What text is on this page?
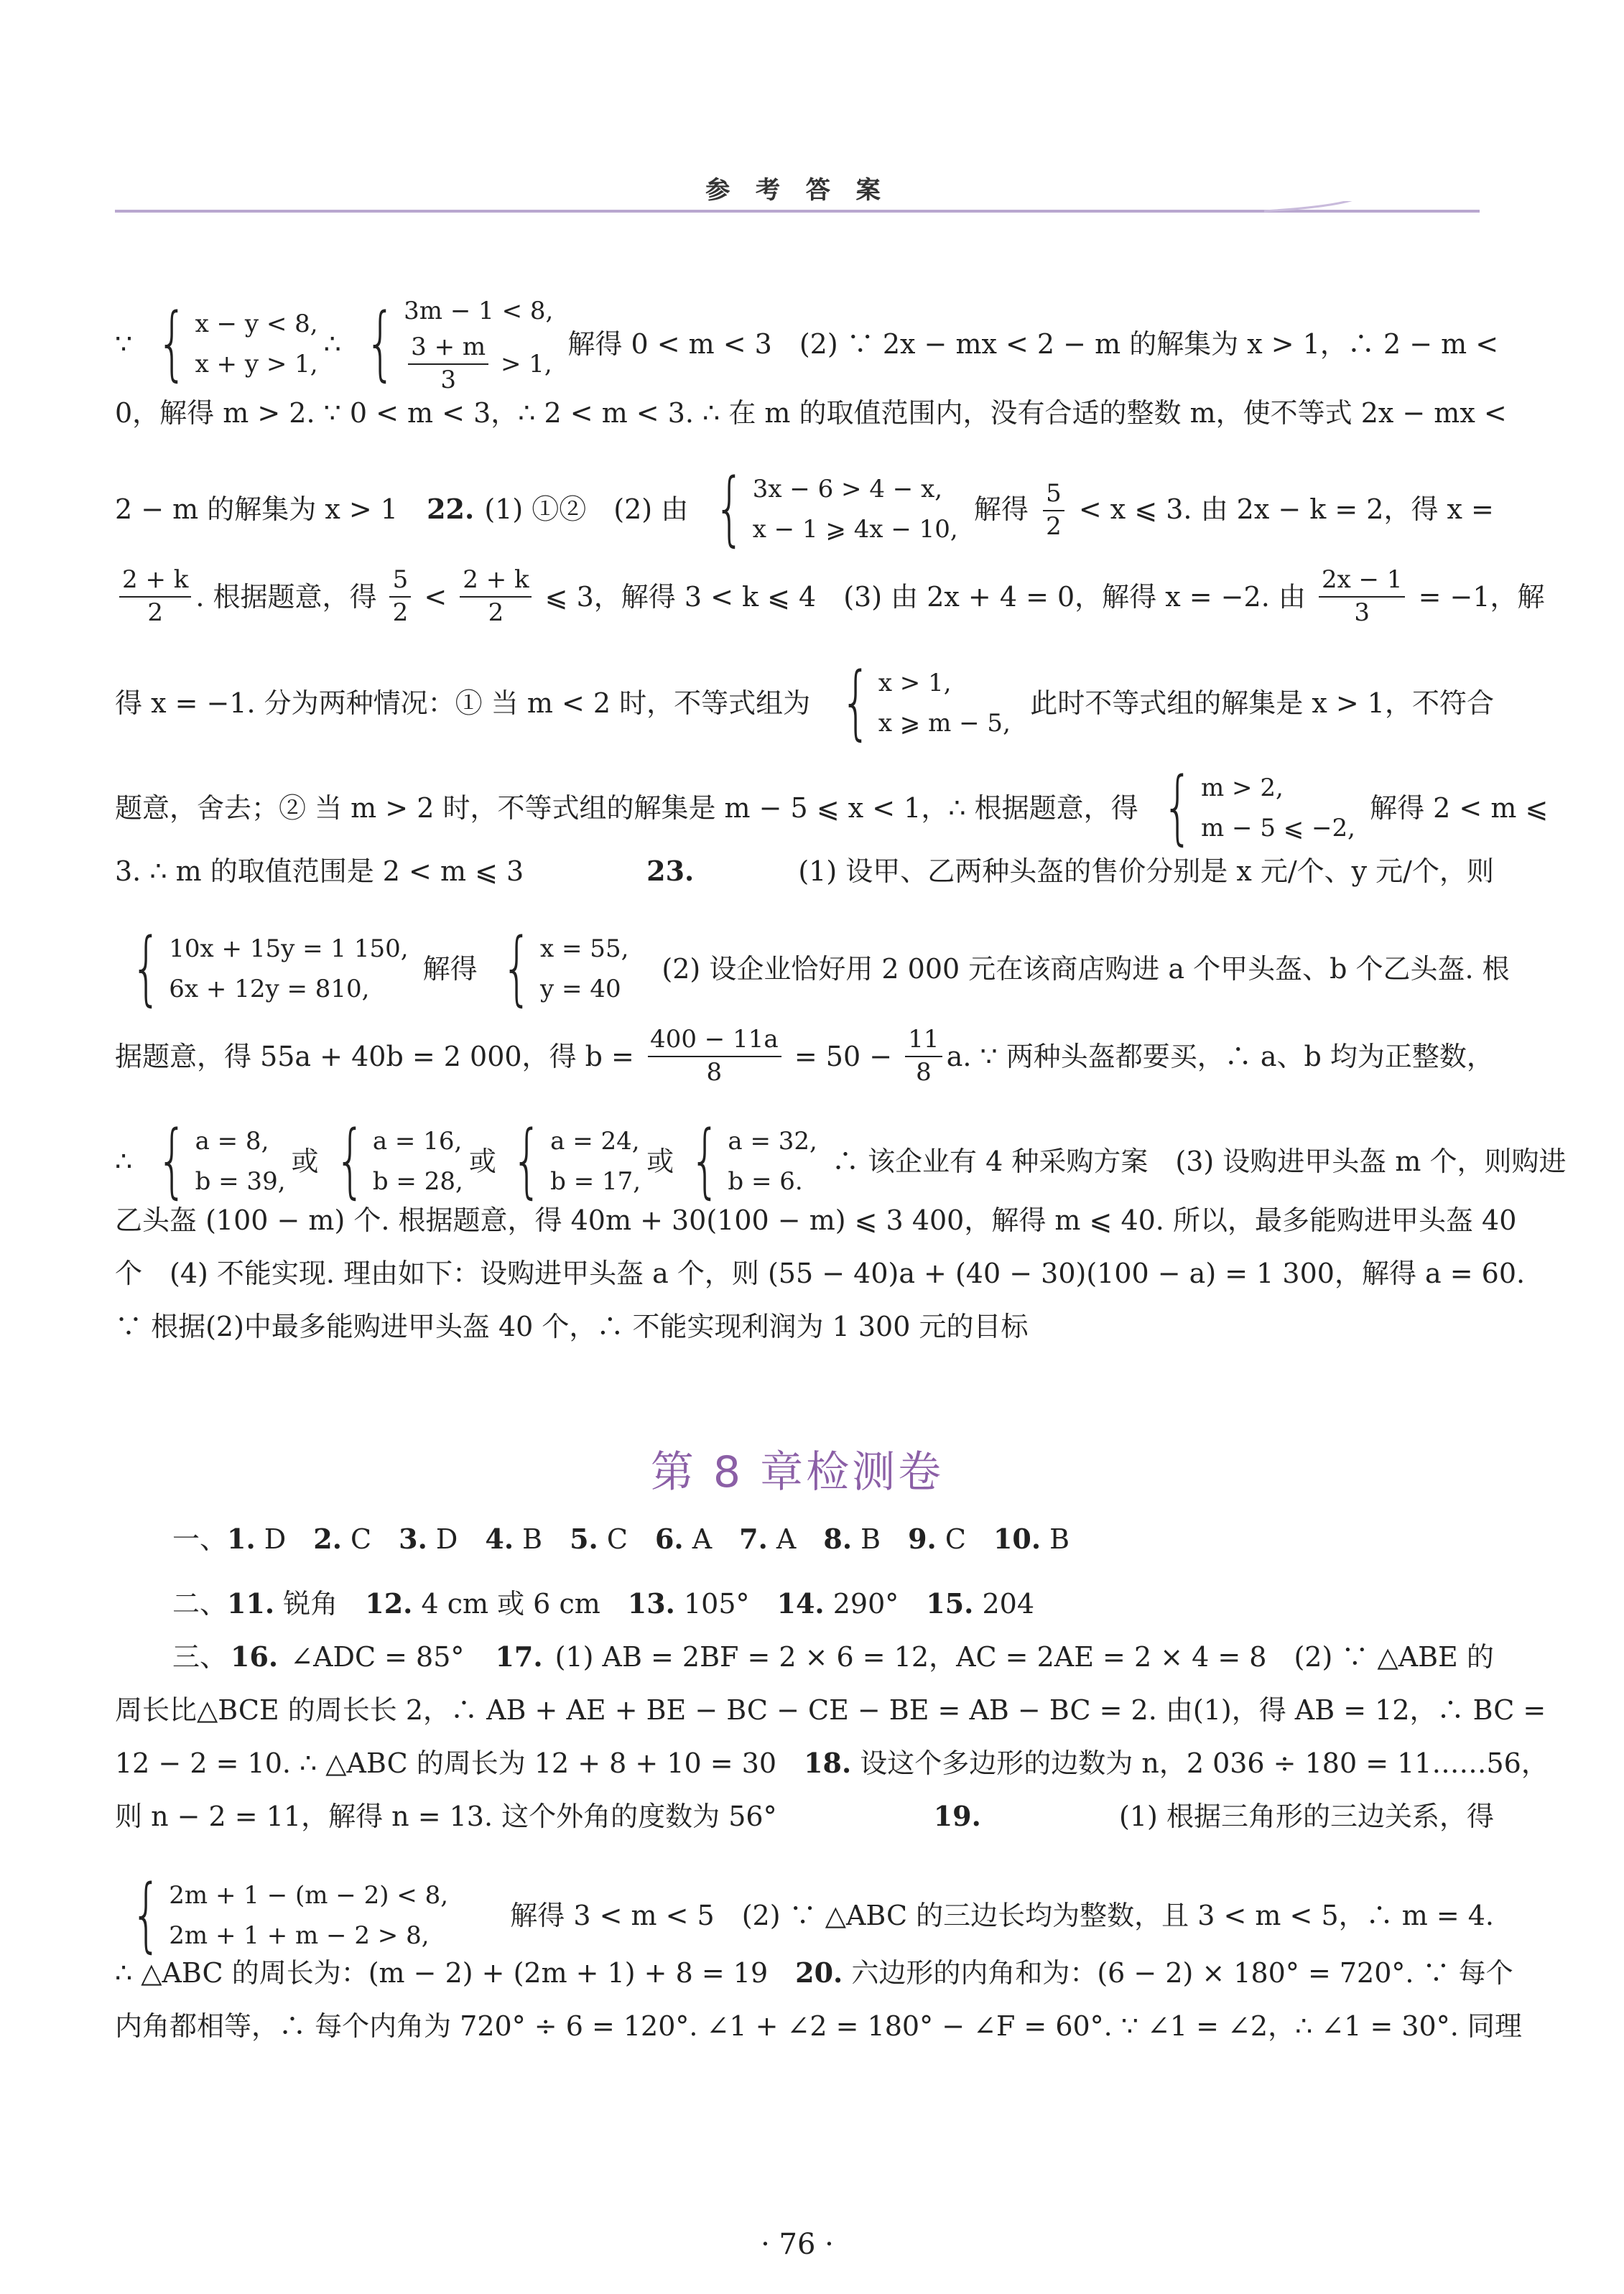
参 考 答 案
∵ { x − y < 8,
x + y > 1,
∴ { 3m − 1 < 8,
$\frac{3 + m}{3} > 1$,
解得 0 < m < 3　(2) ∵ 2x − mx < 2 − m 的解集为 x > 1，∴ 2 − m <
0，解得 m > 2. ∵ 0 < m < 3，∴ 2 < m < 3. ∴ 在 m 的取值范围内，没有合适的整数 m，使不等式 2x − mx <
2 − m 的解集为 x > 1　 22. (1) ①②　(2) 由 { 3x − 6 > 4 − x,
x − 1 ⩾ 4x − 10,
解得 $\frac{5}{2} < x$ ⩽ 3. 由 2x − k = 2，得 x =
$\frac{2 + k}{2}$ . 根据题意，得 $\frac{5}{2} < \frac{2 + k}{2}$ ⩽ 3，解得 3 < k ⩽ 4　(3) 由 2x + 4 = 0，解得 x = −2. 由 $\frac{2x - 1}{3} = -1$，解
得 x = −1. 分为两种情况：① 当 m < 2 时，不等式组为 { x > 1,
x ⩾ m − 5,
此时不等式组的解集是 x > 1，不符合
题意，舍去；② 当 m > 2 时，不等式组的解集是 m − 5 ⩽ x < 1，∴ 根据题意，得 { m > 2,
m − 5 ⩽ −2,
解得 2 < m ⩽
3. ∴ m 的取值范围是 2 < m ⩽ 3　	23.	(1) 设甲、乙两种头盔的售价分别是 x 元/个、y 元/个，则
{ 10x + 15y = 1 150,
6x + 12y = 810,
解得 { x = 55,
y = 40
　(2) 设企业恰好用 2 000 元在该商店购进 a 个甲头盔、b 个乙头盔. 根
据题意，得 55a + 40b = 2 000，得 $b = \frac{400 - 11a}{8} = 50 - \frac{11}{8} a$. ∵ 两种头盔都要买，∴ a、b 均为正整数，
∴ { a = 8,
b = 39,
或 { a = 16,
b = 28,
或 { a = 24,
b = 17,
或 { a = 32,
b = 6.
∴ 该企业有 4 种采购方案　(3) 设购进甲头盔 m 个，则购进
乙头盔 (100 − m) 个. 根据题意，得 40m + 30(100 − m) ⩽ 3 400，解得 m ⩽ 40. 所以，最多能购进甲头盔 40
个　(4) 不能实现. 理由如下：设购进甲头盔 a 个，则 (55 − 40)a + (40 − 30)(100 − a) = 1 300，解得 a = 60.
∵ 根据(2)中最多能购进甲头盔 40 个，∴ 不能实现利润为 1 300 元的目标
一、 1. D　 2. C　 3. D　 4. B　 5. C　 6. A　 7. A　 8. B　 9. C　 10. B
二、 11. 锐角　 12. 4 cm 或 6 cm　 13. 105°　 14. 290°　 15. 204
三、 16. ∠ADC = 85°　 17. (1) AB = 2BF = 2 × 6 = 12，AC = 2AE = 2 × 4 = 8　(2) ∵ △ABE 的
周长比△BCE 的周长长 2，∴ AB + AE + BE − BC − CE − BE = AB − BC = 2. 由(1)，得 AB = 12，∴ BC =
12 − 2 = 10. ∴ △ABC 的周长为 12 + 8 + 10 = 30　 18. 设这个多边形的边数为 n，2 036 ÷ 180 = 11……56，
则 n − 2 = 11，解得 n = 13. 这个外角的度数为 56°　	19.	(1) 根据三角形的三边关系，得
{ 2m + 1 − (m − 2) < 8,
2m + 1 + m − 2 > 8,
解得 3 < m < 5　(2) ∵ △ABC 的三边长均为整数，且 3 < m < 5，∴ m = 4.
∴ △ABC 的周长为：(m − 2) + (2m + 1) + 8 = 19　 20. 六边形的内角和为：(6 − 2) × 180° = 720°. ∵ 每个
内角都相等，∴ 每个内角为 720° ÷ 6 = 120°. ∠1 + ∠2 = 180° − ∠F = 60°. ∵ ∠1 = ∠2，∴ ∠1 = 30°. 同理
第 8 章检测卷
· 76 ·
